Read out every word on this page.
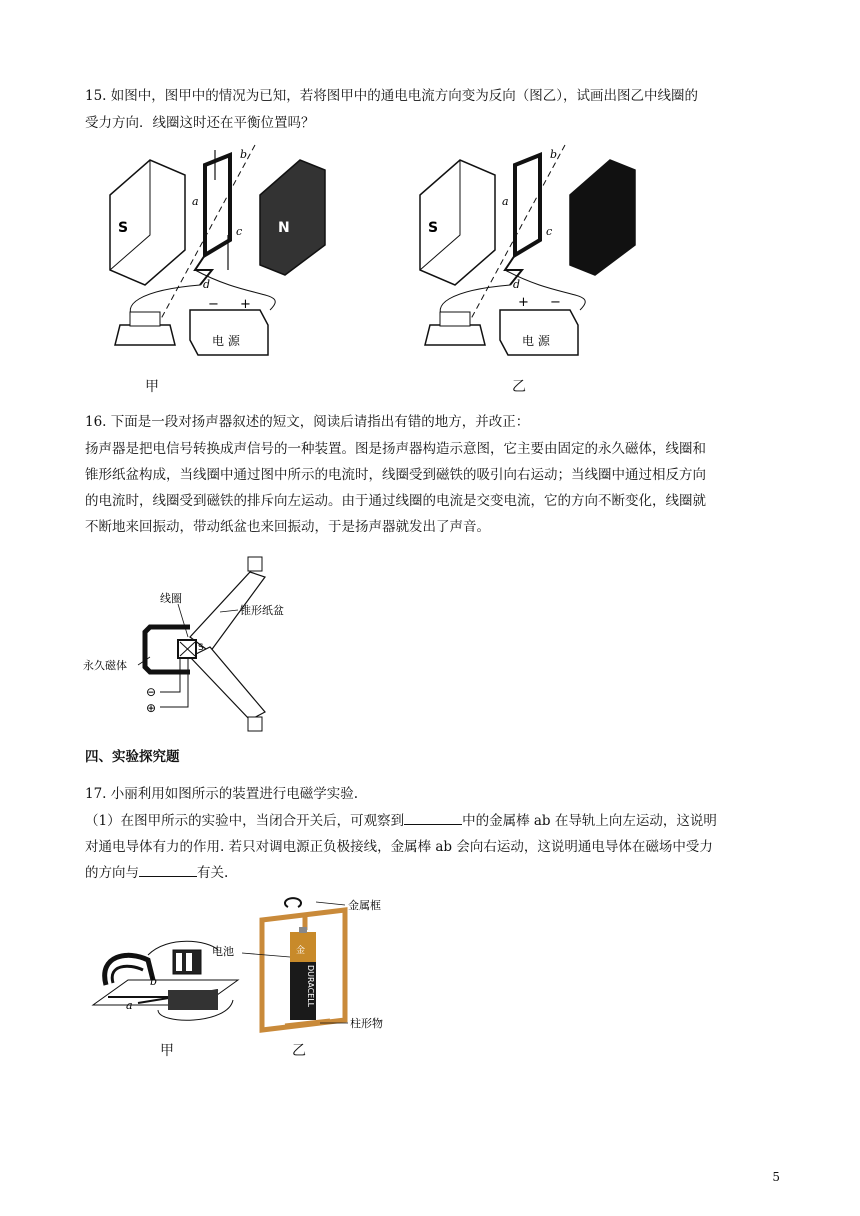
15. 如图中，图甲中的情况为已知，若将图甲中的通电电流方向变为反向（图乙），试画出图乙中线圈的
受力方向．线圈这时还在平衡位置吗？
S	N
a
b
c
d
电 源
− +
甲
S
a
b
c
d
电 源
+ −
乙
16. 下面是一段对扬声器叙述的短文，阅读后请指出有错的地方，并改正：
扬声器是把电信号转换成声信号的一种装置。图是扬声器构造示意图，它主要由固定的永久磁体，线圈和
锥形纸盆构成，当线圈中通过图中所示的电流时，线圈受到磁铁的吸引向右运动；当线圈中通过相反方向
的电流时，线圈受到磁铁的排斥向左运动。由于通过线圈的电流是交变电流，它的方向不断变化，线圈就
不断地来回振动，带动纸盆也来回振动，于是扬声器就发出了声音。
S
线圈
锥形纸盆
永久磁体
⊖
⊕
四、实验探究题
17. 小丽利用如图所示的装置进行电磁学实验.
（1）在图甲所示的实验中，当闭合开关后，可观察到	中的金属棒 ab 在导轨上向左运动，这说明
对通电导体有力的作用. 若只对调电源正负极接线，金属棒 ab 会向右运动，这说明通电导体在磁场中受力
的方向与	有关.
a
b
甲
金
DURACELL
金属框
电池
柱形物
乙
5
